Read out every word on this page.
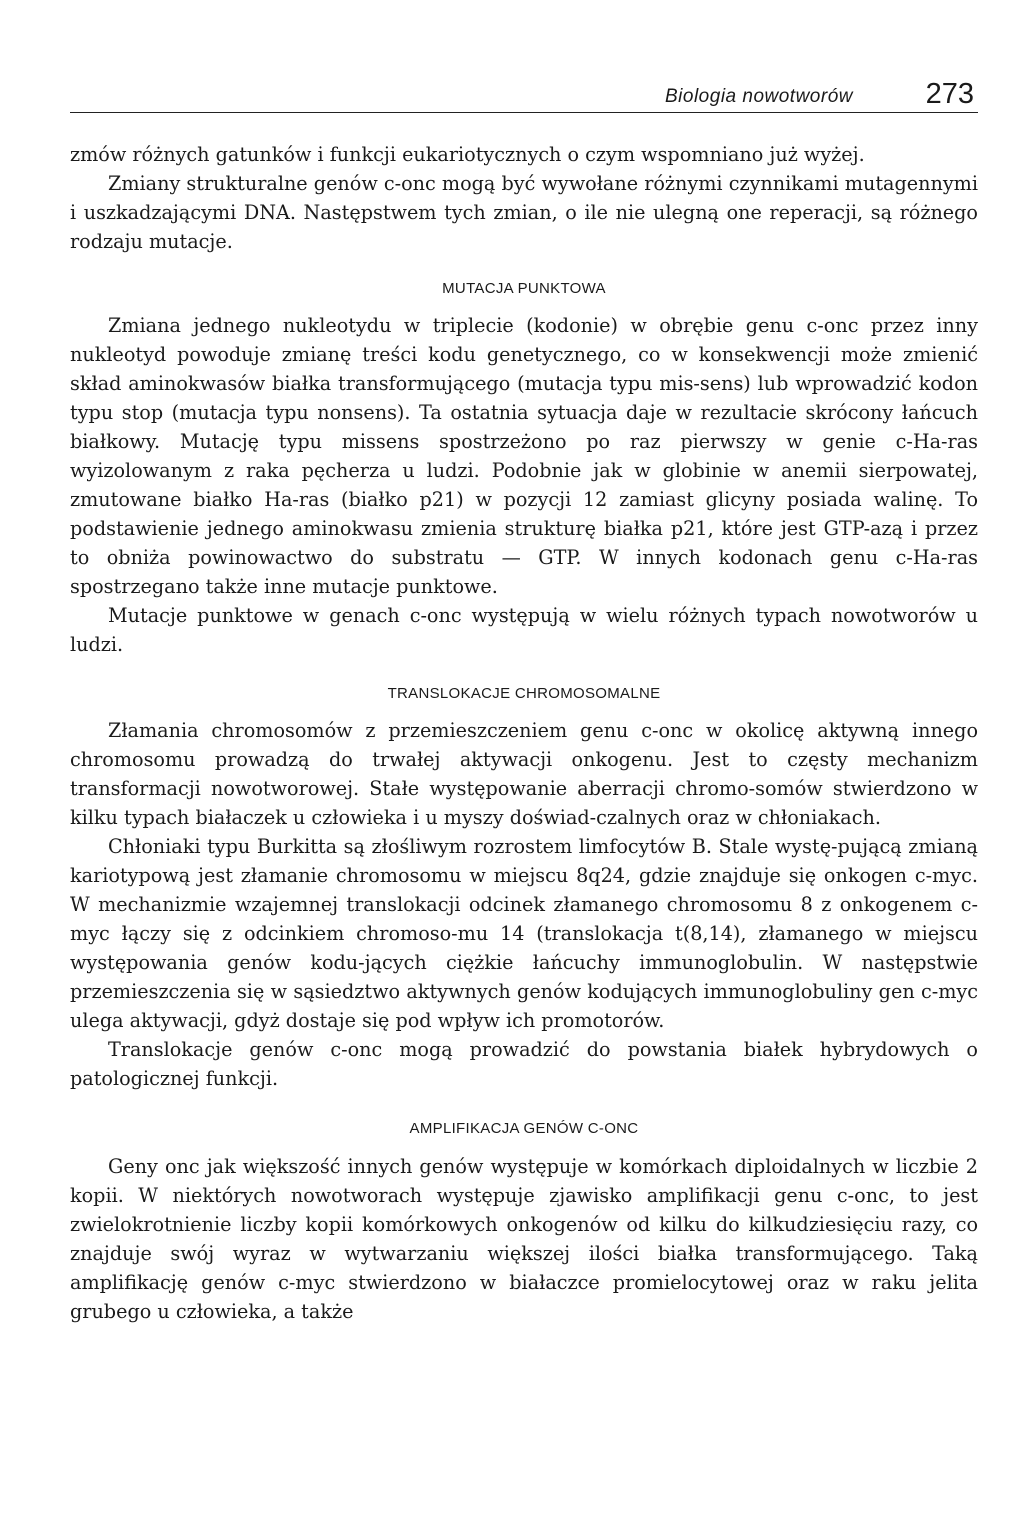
Biologia nowotworów	273

zmów różnych gatunków i funkcji eukariotycznych o czym wspomniano już wyżej.

Zmiany strukturalne genów c-onc mogą być wywołane różnymi czynnikami mutagennymi i uszkadzającymi DNA. Następstwem tych zmian, o ile nie ulegną one reperacji, są różnego rodzaju mutacje.

MUTACJA PUNKTOWA

Zmiana jednego nukleotydu w triplecie (kodonie) w obrębie genu c-onc przez inny nukleotyd powoduje zmianę treści kodu genetycznego, co w konsekwencji może zmienić skład aminokwasów białka transformującego (mutacja typu mis-sens) lub wprowadzić kodon typu stop (mutacja typu nonsens). Ta ostatnia sytuacja daje w rezultacie skrócony łańcuch białkowy. Mutację typu missens spostrzeżono po raz pierwszy w genie c-Ha-ras wyizolowanym z raka pęcherza u ludzi. Podobnie jak w globinie w anemii sierpowatej, zmutowane białko Ha-ras (białko p21) w pozycji 12 zamiast glicyny posiada walinę. To podstawienie jednego aminokwasu zmienia strukturę białka p21, które jest GTP-azą i przez to obniża powinowactwo do substratu — GTP. W innych kodonach genu c-Ha-ras spostrzegano także inne mutacje punktowe.

Mutacje punktowe w genach c-onc występują w wielu różnych typach nowotworów u ludzi.

TRANSLOKACJE CHROMOSOMALNE

Złamania chromosomów z przemieszczeniem genu c-onc w okolicę aktywną innego chromosomu prowadzą do trwałej aktywacji onkogenu. Jest to częsty mechanizm transformacji nowotworowej. Stałe występowanie aberracji chromo-somów stwierdzono w kilku typach białaczek u człowieka i u myszy doświad-czalnych oraz w chłoniakach.

Chłoniaki typu Burkitta są złośliwym rozrostem limfocytów B. Stale wystę-pującą zmianą kariotypową jest złamanie chromosomu w miejscu 8q24, gdzie znajduje się onkogen c-myc. W mechanizmie wzajemnej translokacji odcinek złamanego chromosomu 8 z onkogenem c-myc łączy się z odcinkiem chromoso-mu 14 (translokacja t(8,14), złamanego w miejscu występowania genów kodu-jących ciężkie łańcuchy immunoglobulin. W następstwie przemieszczenia się w sąsiedztwo aktywnych genów kodujących immunoglobuliny gen c-myc ulega aktywacji, gdyż dostaje się pod wpływ ich promotorów.

Translokacje genów c-onc mogą prowadzić do powstania białek hybrydowych o patologicznej funkcji.

AMPLIFIKACJA GENÓW C-ONC

Geny onc jak większość innych genów występuje w komórkach diploidalnych w liczbie 2 kopii. W niektórych nowotworach występuje zjawisko amplifikacji genu c-onc, to jest zwielokrotnienie liczby kopii komórkowych onkogenów od kilku do kilkudziesięciu razy, co znajduje swój wyraz w wytwarzaniu większej ilości białka transformującego. Taką amplifikację genów c-myc stwierdzono w białaczce promielocytowej oraz w raku jelita grubego u człowieka, a także
